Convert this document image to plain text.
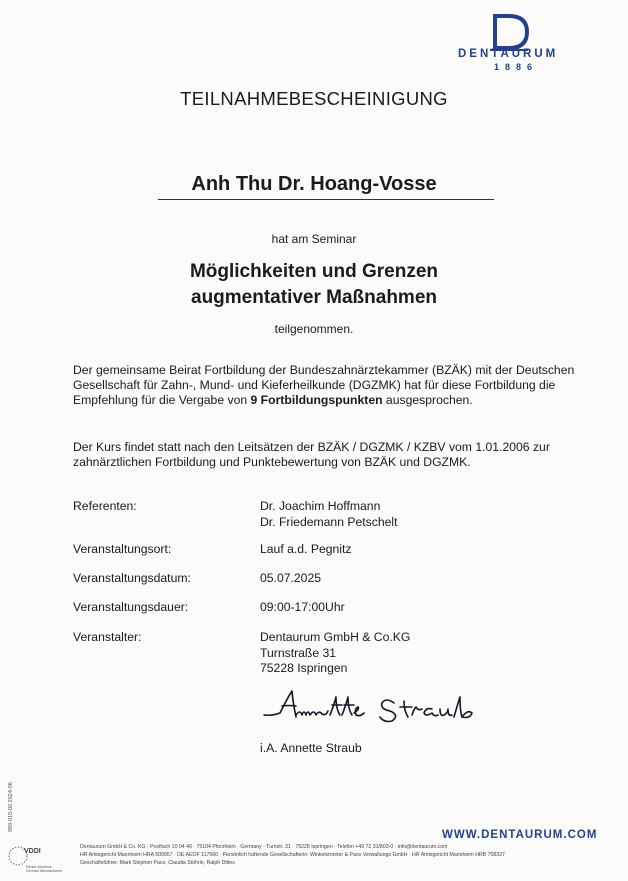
DENTAURUM
1886
TEILNAHMEBESCHEINIGUNG
Anh Thu Dr. Hoang-Vosse
hat am Seminar
Möglichkeiten und Grenzen
augmentativer Maßnahmen
teilgenommen.
Der gemeinsame Beirat Fortbildung der Bundeszahnärztekammer (BZÄK) mit der Deutschen Gesellschaft für Zahn-, Mund- und Kieferheilkunde (DGZMK) hat für diese Fortbildung die Empfehlung für die Vergabe von 9 Fortbildungspunkten ausgesprochen.
Der Kurs findet statt nach den Leitsätzen der BZÄK / DGZMK / KZBV vom 1.01.2006 zur zahnärztlichen Fortbildung und Punktebewertung von BZÄK und DGZMK.
Referenten:	Dr. Joachim Hoffmann
Dr. Friedemann Petschelt
Veranstaltungsort:	Lauf a.d. Pegnitz
Veranstaltungsdatum:	05.07.2025
Veranstaltungsdauer:	09:00-17:00Uhr
Veranstalter:	Dentaurum GmbH & Co.KG
Turnstraße 31
75228 Ispringen
i.A. Annette Straub
989-015-00 2024-06
Dental Solutions
German Manufacturers
VDDI
WWW.DENTAURUM.COM
Dentaurum GmbH & Co. KG · Postfach 10 04 40 · 75104 Pforzheim · Germany · Turnstr. 31 · 75228 Ispringen · Telefon +49 72 31/803-0 · info@dentaurum.com
HR Amtsgericht Mannheim HRA 500957 · DE AEOF 117560 · Persönlich haftende Gesellschafterin: Winkelstroeter & Pace Verwaltungs GmbH · HR Amtsgericht Mannheim HRB 708327
Geschäftsführer: Mark Stephen Pace, Claudia Stöhrle, Ralph Dittes
